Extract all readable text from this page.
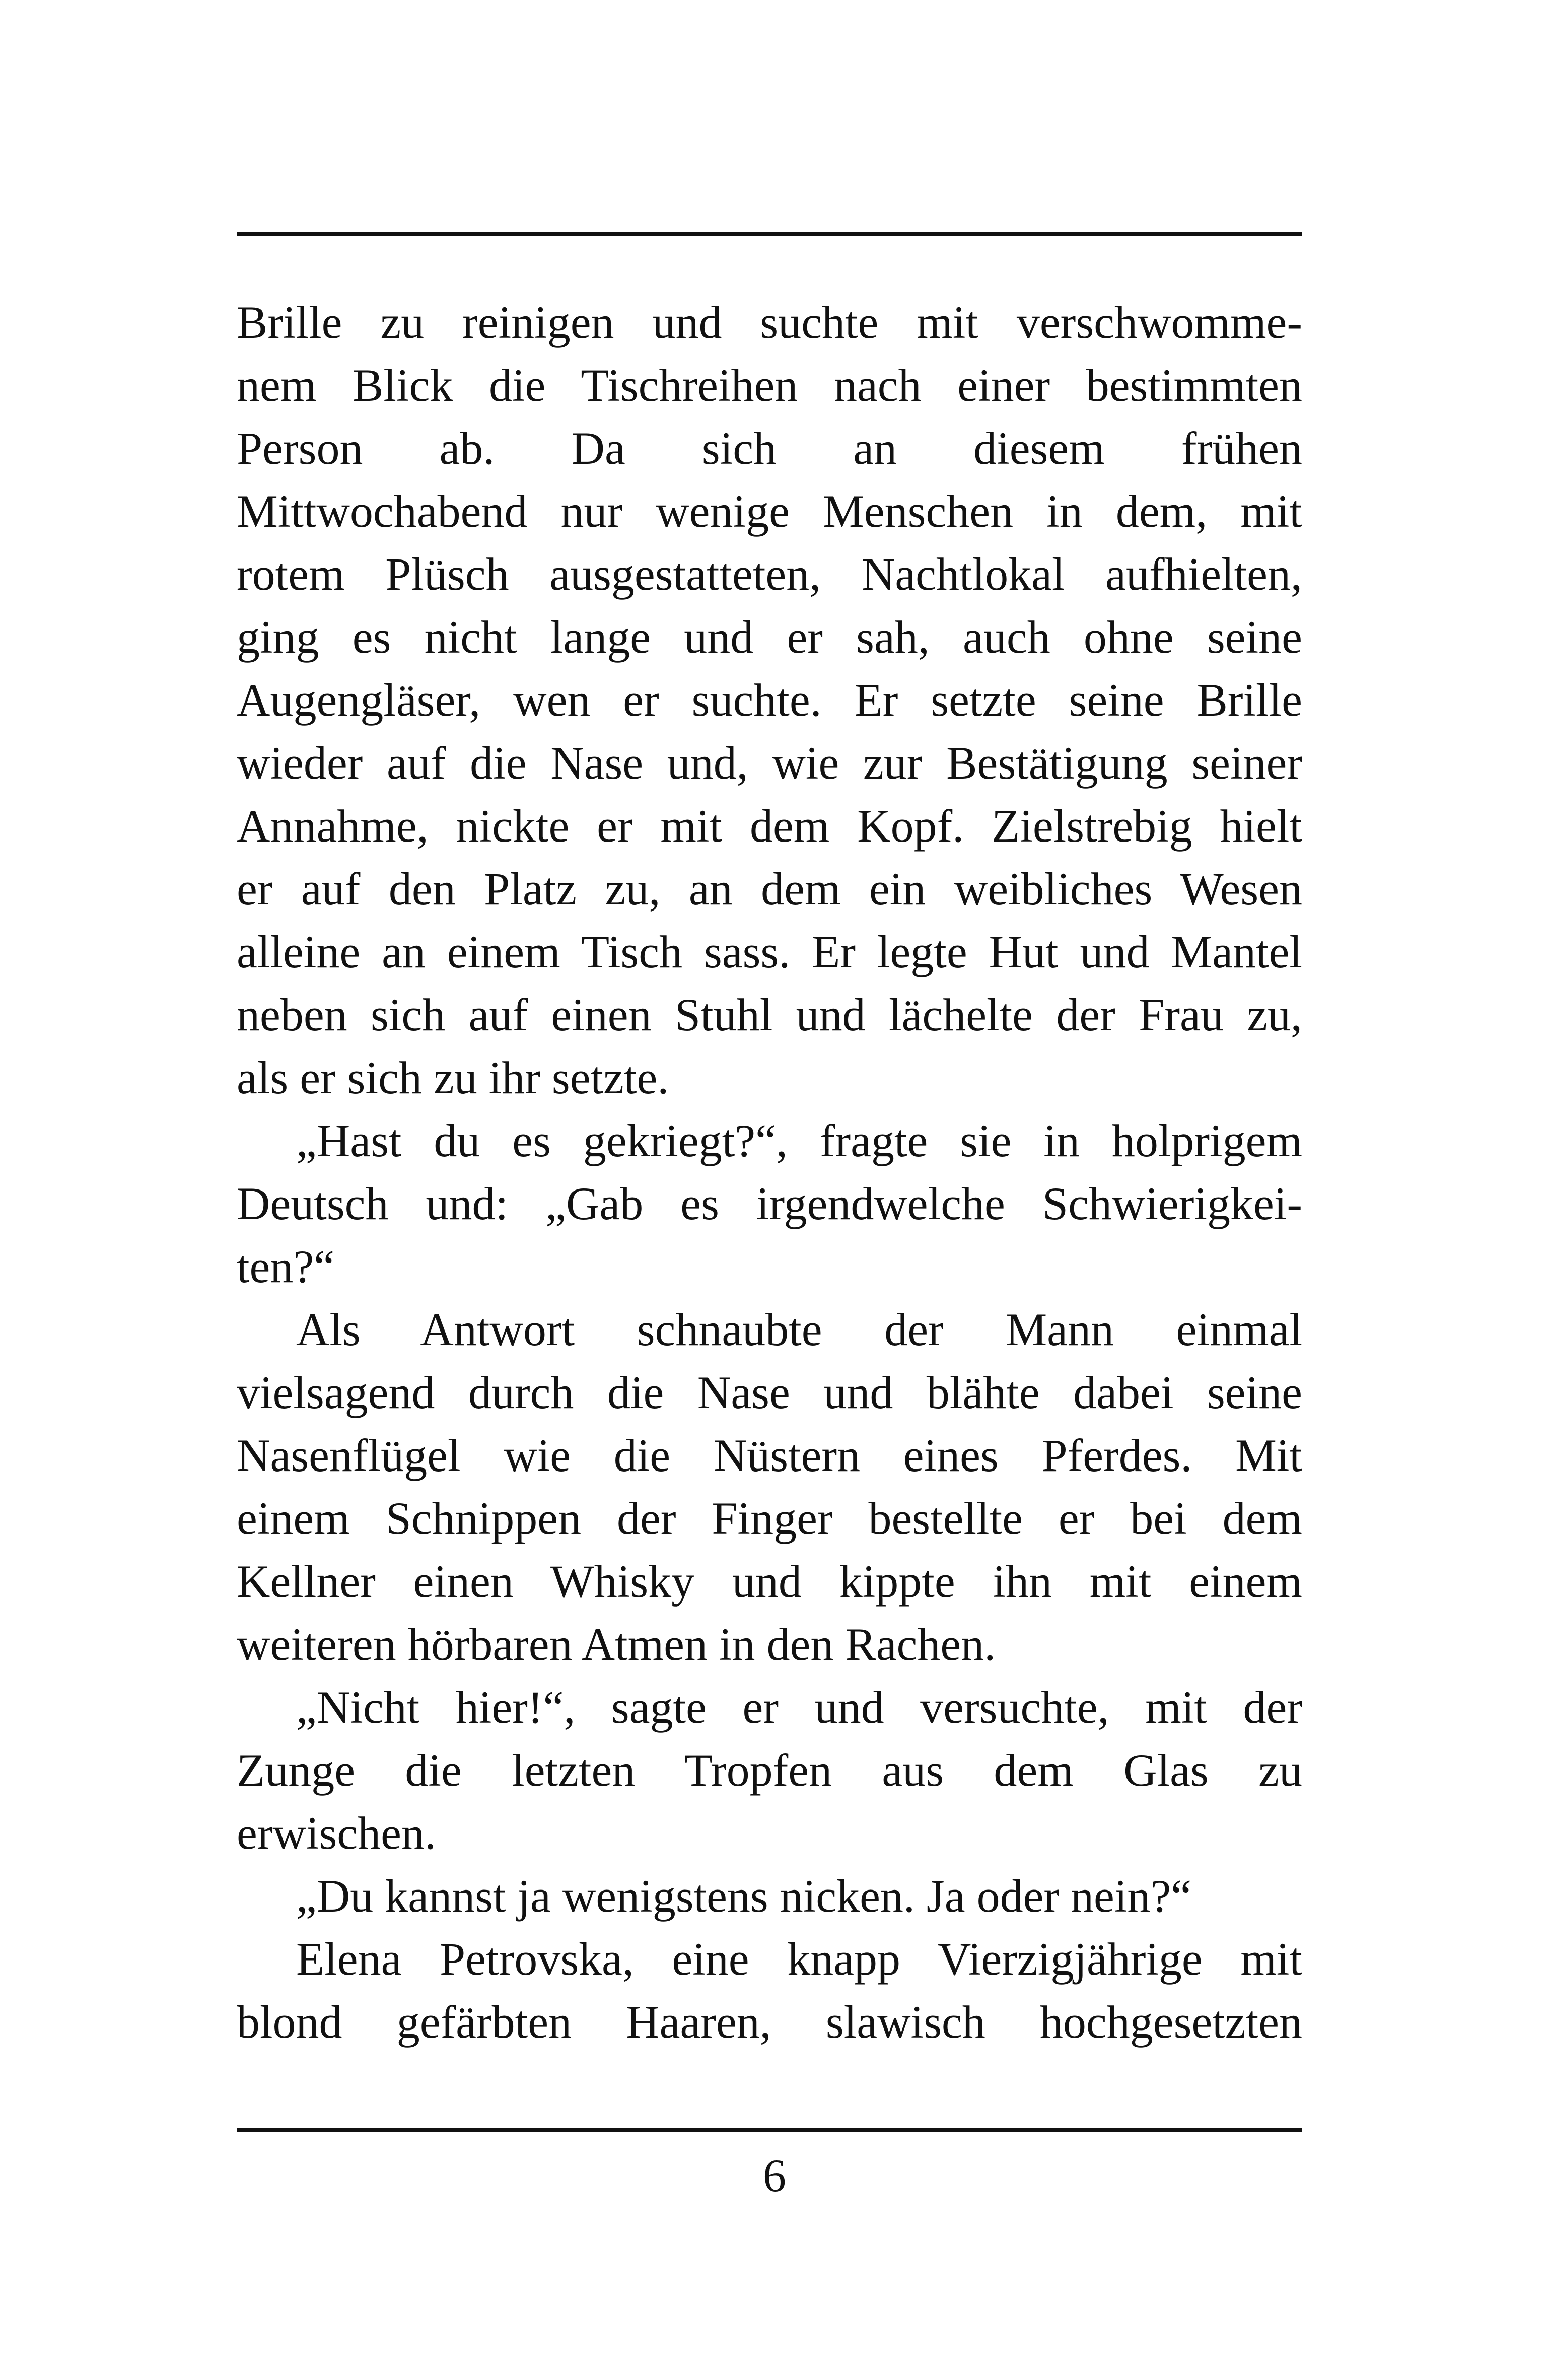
Brille zu reinigen und suchte mit verschwomme-
nem Blick die Tischreihen nach einer bestimmten
Person ab. Da sich an diesem frühen
Mittwochabend nur wenige Menschen in dem, mit
rotem Plüsch ausgestatteten, Nachtlokal aufhielten,
ging es nicht lange und er sah, auch ohne seine
Augengläser, wen er suchte. Er setzte seine Brille
wieder auf die Nase und, wie zur Bestätigung seiner
Annahme, nickte er mit dem Kopf. Zielstrebig hielt
er auf den Platz zu, an dem ein weibliches Wesen
alleine an einem Tisch sass. Er legte Hut und Mantel
neben sich auf einen Stuhl und lächelte der Frau zu,
als er sich zu ihr setzte.
„Hast du es gekriegt?“, fragte sie in holprigem
Deutsch und: „Gab es irgendwelche Schwierigkei-
ten?“
Als Antwort schnaubte der Mann einmal
vielsagend durch die Nase und blähte dabei seine
Nasenflügel wie die Nüstern eines Pferdes. Mit
einem Schnippen der Finger bestellte er bei dem
Kellner einen Whisky und kippte ihn mit einem
weiteren hörbaren Atmen in den Rachen.
„Nicht hier!“, sagte er und versuchte, mit der
Zunge die letzten Tropfen aus dem Glas zu
erwischen.
„Du kannst ja wenigstens nicken. Ja oder nein?“
Elena Petrovska, eine knapp Vierzigjährige mit
blond gefärbten Haaren, slawisch hochgesetzten
6
